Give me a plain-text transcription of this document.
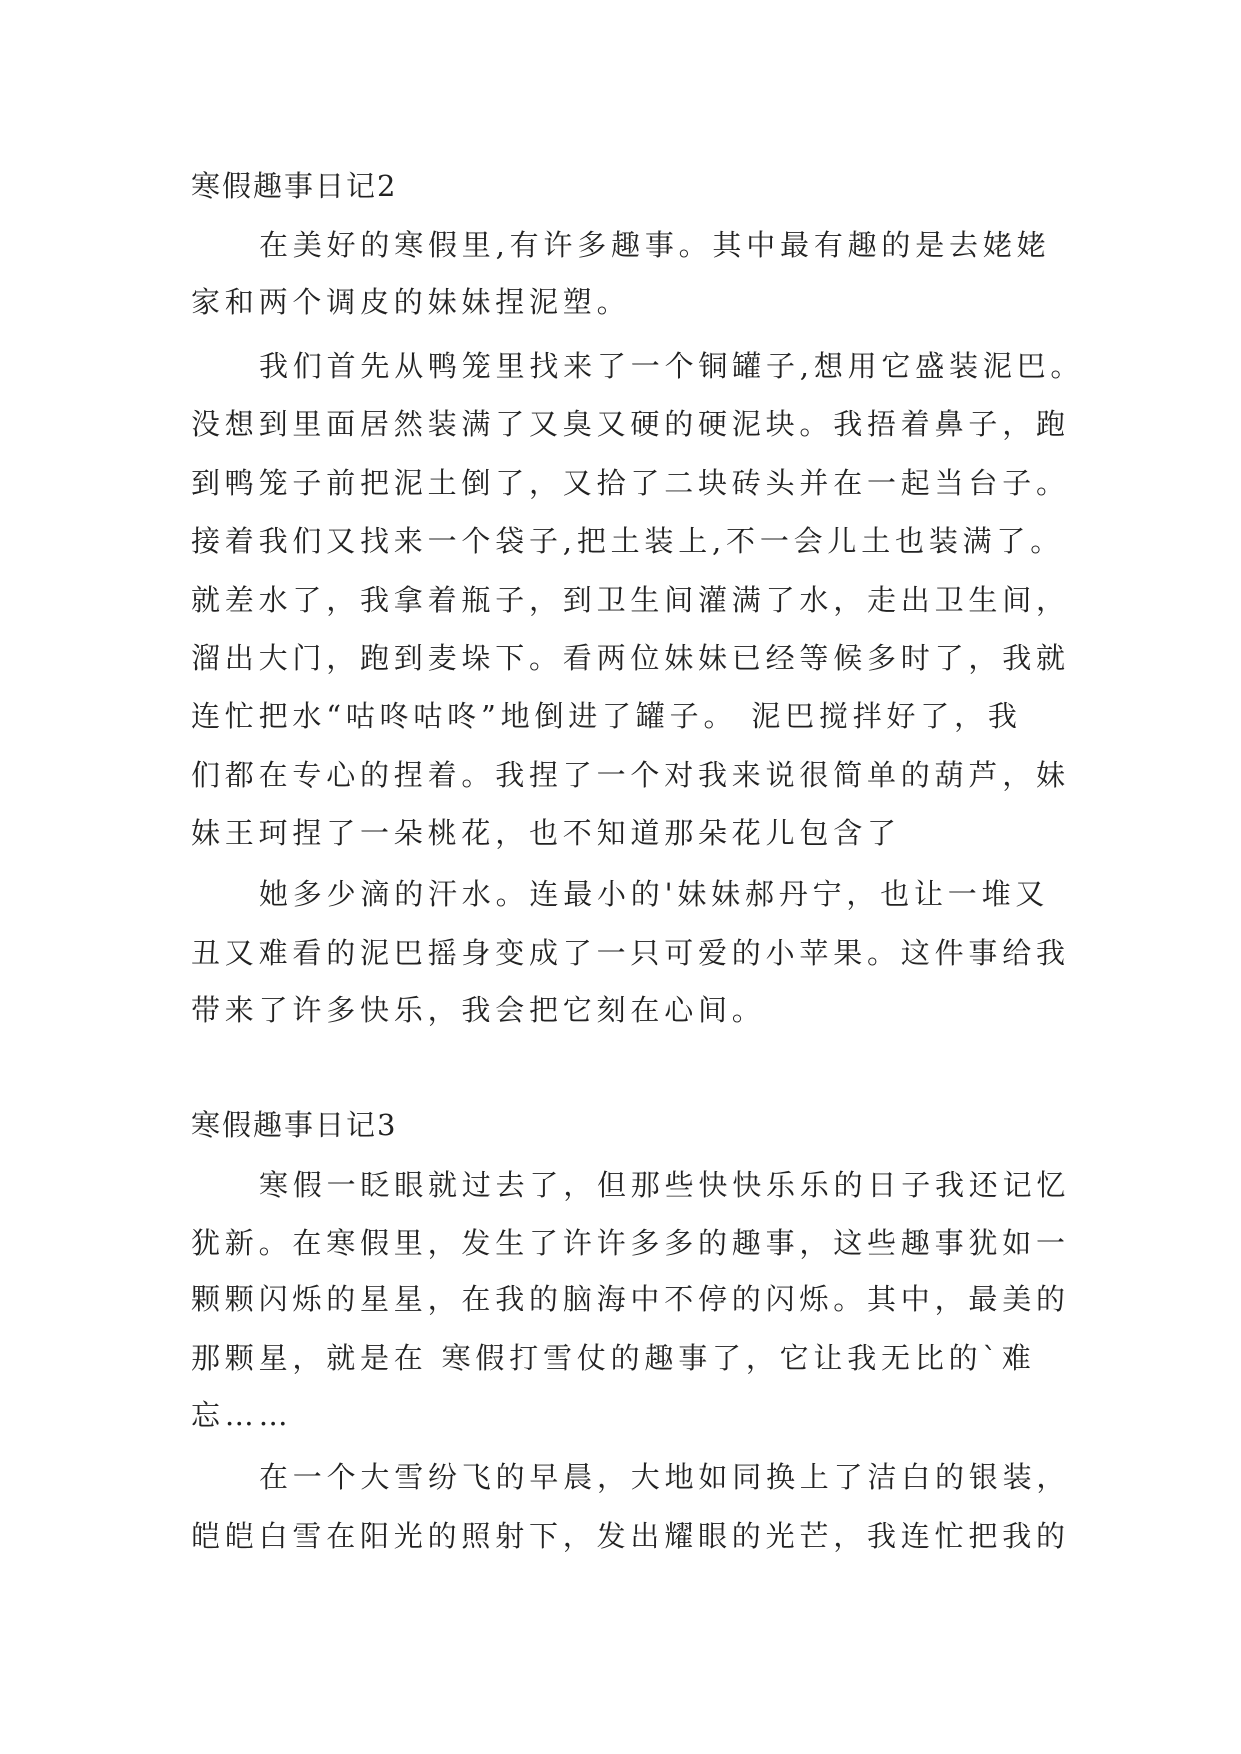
寒假趣事日记2
在美好的寒假里,有许多趣事。其中最有趣的是去姥姥
家和两个调皮的妹妹捏泥塑。
我们首先从鸭笼里找来了一个铜罐子,想用它盛装泥巴。
没想到里面居然装满了又臭又硬的硬泥块。我捂着鼻子，跑
到鸭笼子前把泥土倒了，又拾了二块砖头并在一起当台子。
接着我们又找来一个袋子,把土装上,不一会儿土也装满了。
就差水了，我拿着瓶子，到卫生间灌满了水，走出卫生间，
溜出大门，跑到麦垛下。看两位妹妹已经等候多时了，我就
连忙把水“咕咚咕咚”地倒进了罐子。 泥巴搅拌好了，我
们都在专心的捏着。我捏了一个对我来说很简单的葫芦，妹
妹王珂捏了一朵桃花，也不知道那朵花儿包含了
她多少滴的汗水。连最小的'妹妹郝丹宁，也让一堆又
丑又难看的泥巴摇身变成了一只可爱的小苹果。这件事给我
带来了许多快乐，我会把它刻在心间。
寒假趣事日记3
寒假一眨眼就过去了，但那些快快乐乐的日子我还记忆
犹新。在寒假里，发生了许许多多的趣事，这些趣事犹如一
颗颗闪烁的星星，在我的脑海中不停的闪烁。其中，最美的
那颗星，就是在 寒假打雪仗的趣事了，它让我无比的`难
忘……
在一个大雪纷飞的早晨，大地如同换上了洁白的银装，
皑皑白雪在阳光的照射下，发出耀眼的光芒，我连忙把我的
